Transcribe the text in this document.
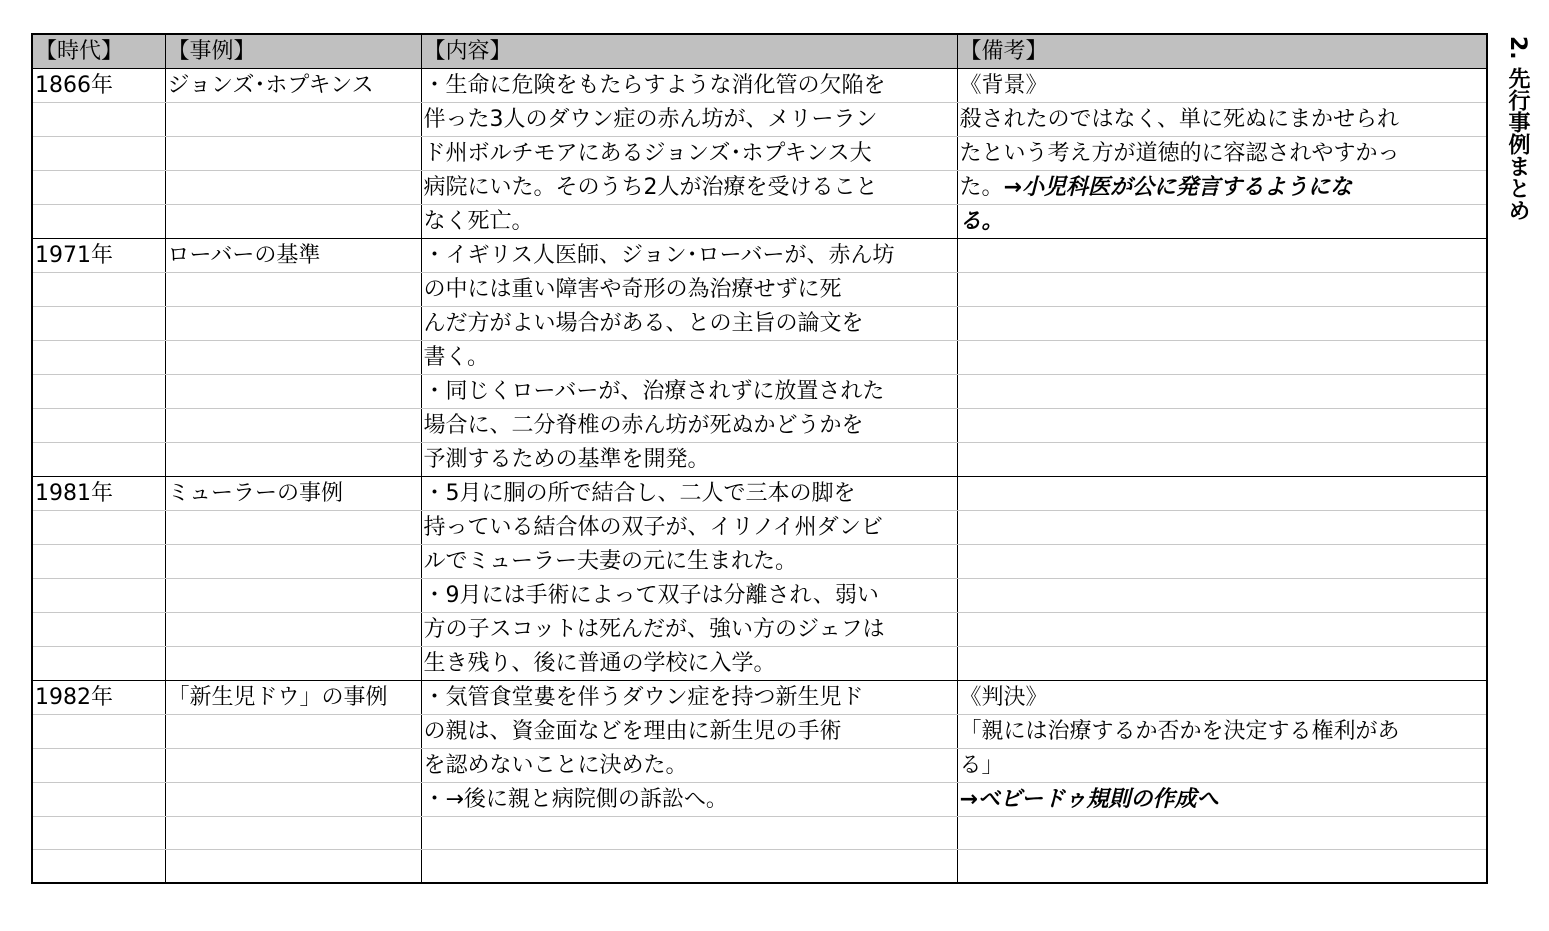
【時代】	【事例】	【内容】	【備考】
1866年	ジョンズ･ホプキンス	・生命に危険をもたらすような消化管の欠陥を	《背景》
		伴った3人のダウン症の赤ん坊が、メリーラン	殺されたのではなく、単に死ぬにまかせられ
		ド州ボルチモアにあるジョンズ･ホプキンス大	たという考え方が道徳的に容認されやすかっ
		病院にいた。そのうち2人が治療を受けること	た。→小児科医が公に発言するようにな
		なく死亡。	る。
1971年	ローバーの基準	・イギリス人医師、ジョン･ローバーが、赤ん坊	
		の中には重い障害や奇形の為治療せずに死	
		んだ方がよい場合がある、との主旨の論文を	
		書く。	
		・同じくローバーが、治療されずに放置された	
		場合に、二分脊椎の赤ん坊が死ぬかどうかを	
		予測するための基準を開発。	
1981年	ミューラーの事例	・5月に胴の所で結合し、二人で三本の脚を	
		持っている結合体の双子が、イリノイ州ダンビ	
		ルでミューラー夫妻の元に生まれた。	
		・9月には手術によって双子は分離され、弱い	
		方の子スコットは死んだが、強い方のジェフは	
		生き残り、後に普通の学校に入学。	
1982年	「新生児ドウ」の事例	・気管食堂婁を伴うダウン症を持つ新生児ド	《判決》
		の親は、資金面などを理由に新生児の手術	「親には治療するか否かを決定する権利があ
		を認めないことに決めた。	る」
		・→後に親と病院側の訴訟へ。	→ベビードゥ規則の作成へ

2. 先行事例まとめ
